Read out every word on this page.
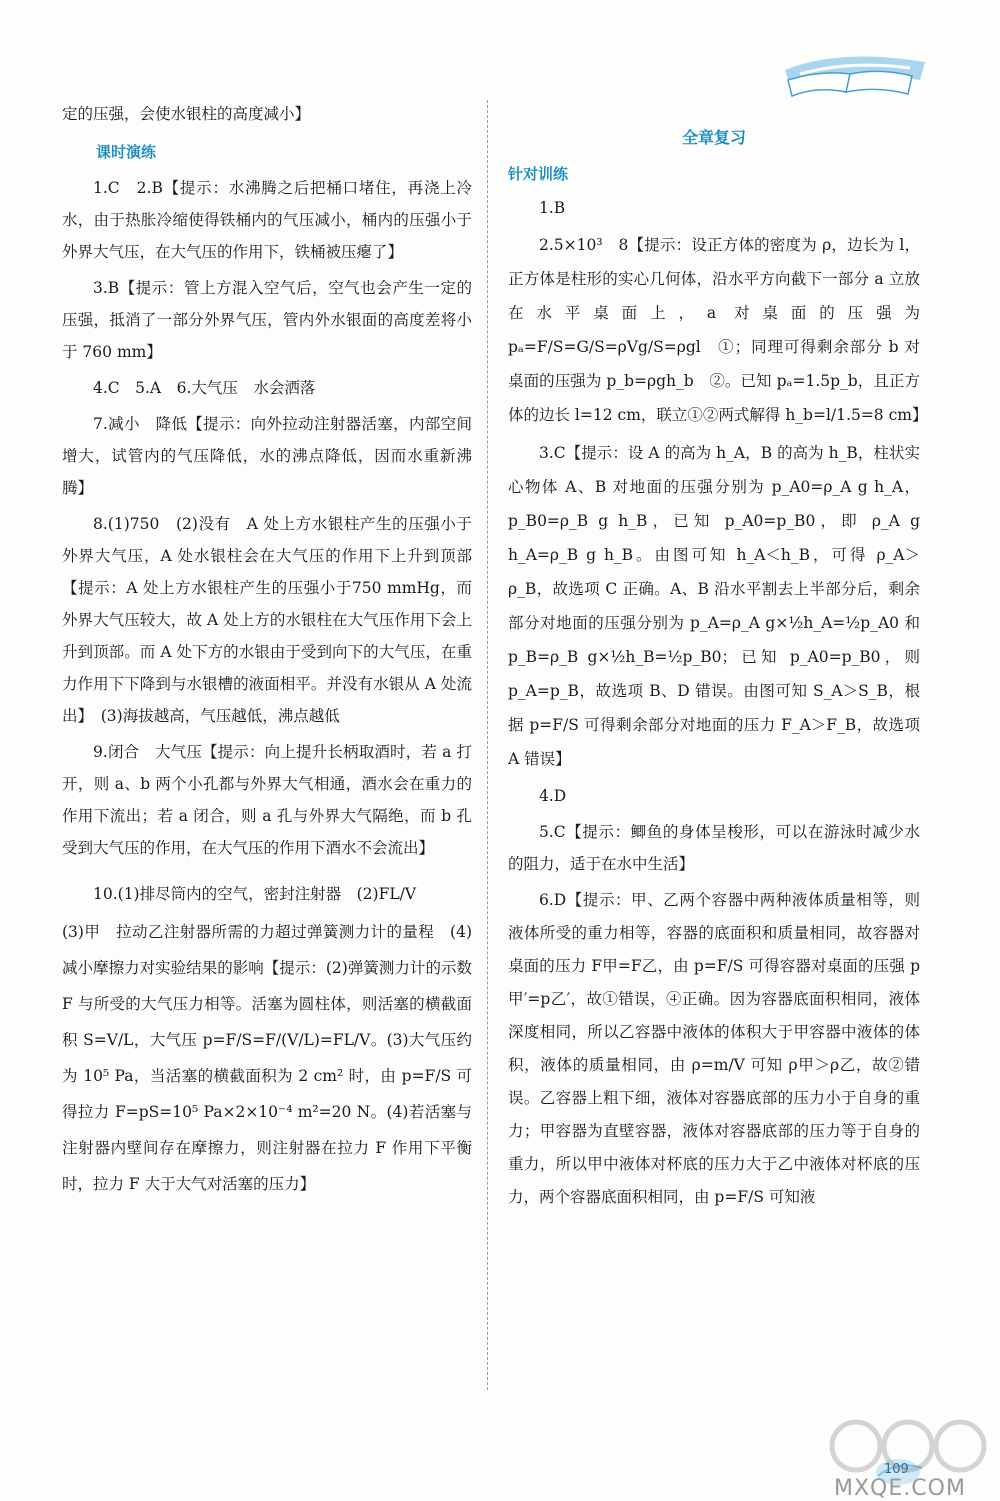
定的压强，会使水银柱的高度减小】

课时演练

1.C　2.B【提示：水沸腾之后把桶口堵住，再浇上冷水，由于热胀冷缩使得铁桶内的气压减小，桶内的压强小于外界大气压，在大气压的作用下，铁桶被压瘪了】

3.B【提示：管上方混入空气后，空气也会产生一定的压强，抵消了一部分外界气压，管内外水银面的高度差将小于 760 mm】

4.C　5.A　6.大气压　水会洒落

7.减小　降低【提示：向外拉动注射器活塞，内部空间增大，试管内的气压降低，水的沸点降低，因而水重新沸腾】

8.(1)750　(2)没有　A 处上方水银柱产生的压强小于外界大气压，A 处水银柱会在大气压的作用下上升到顶部【提示：A 处上方水银柱产生的压强小于750 mmHg，而外界大气压较大，故 A 处上方的水银柱在大气压作用下会上升到顶部。而 A 处下方的水银由于受到向下的大气压，在重力作用下下降到与水银槽的液面相平。并没有水银从 A 处流出】　(3)海拔越高，气压越低，沸点越低

9.闭合　大气压【提示：向上提升长柄取酒时，若 a 打开，则 a、b 两个小孔都与外界大气相通，酒水会在重力的作用下流出；若 a 闭合，则 a 孔与外界大气隔绝，而 b 孔受到大气压的作用，在大气压的作用下酒水不会流出】

10.(1)排尽筒内的空气，密封注射器　(2)FL/V

(3)甲　拉动乙注射器所需的力超过弹簧测力计的量程　(4)减小摩擦力对实验结果的影响【提示：(2)弹簧测力计的示数 F 与所受的大气压力相等。活塞为圆柱体，则活塞的横截面积 S=V/L，大气压 p=F/S=F/(V/L)=FL/V。(3)大气压约为 10⁵ Pa，当活塞的横截面积为 2 cm² 时，由 p=F/S 可得拉力 F=pS=10⁵ Pa×2×10⁻⁴ m²=20 N。(4)若活塞与注射器内壁间存在摩擦力，则注射器在拉力 F 作用下平衡时，拉力 F 大于大气对活塞的压力】

全章复习
针对训练

1.B

2.5×10³　8【提示：设正方体的密度为 ρ，边长为 l，正方体是柱形的实心几何体，沿水平方向截下一部分 a 立放在水平桌面上，a 对桌面的压强为 pₐ=F/S=G/S=ρVg/S=ρgl　①；同理可得剩余部分 b 对桌面的压强为 p_b=ρgh_b　②。已知 pₐ=1.5p_b，且正方体的边长 l=12 cm，联立①②两式解得 h_b=l/1.5=8 cm】

3.C【提示：设 A 的高为 h_A，B 的高为 h_B，柱状实心物体 A、B 对地面的压强分别为 p_A0=ρ_A g h_A，p_B0=ρ_B g h_B，已知 p_A0=p_B0，即 ρ_A g h_A=ρ_B g h_B。由图可知 h_A＜h_B，可得 ρ_A＞ρ_B，故选项 C 正确。A、B 沿水平割去上半部分后，剩余部分对地面的压强分别为 p_A=ρ_A g×½h_A=½p_A0 和 p_B=ρ_B g×½h_B=½p_B0；已知 p_A0=p_B0，则 p_A=p_B，故选项 B、D 错误。由图可知 S_A＞S_B，根据 p=F/S 可得剩余部分对地面的压力 F_A＞F_B，故选项 A 错误】

4.D

5.C【提示：鲫鱼的身体呈梭形，可以在游泳时减少水的阻力，适于在水中生活】

6.D【提示：甲、乙两个容器中两种液体质量相等，则液体所受的重力相等，容器的底面积和质量相同，故容器对桌面的压力 F甲=F乙，由 p=F/S 可得容器对桌面的压强 p甲′=p乙′，故①错误，④正确。因为容器底面积相同，液体深度相同，所以乙容器中液体的体积大于甲容器中液体的体积，液体的质量相同，由 ρ=m/V 可知 ρ甲＞ρ乙，故②错误。乙容器上粗下细，液体对容器底部的压力小于自身的重力；甲容器为直壁容器，液体对容器底部的压力等于自身的重力，所以甲中液体对杯底的压力大于乙中液体对杯底的压力，两个容器底面积相同，由 p=F/S 可知液

109
MXQE.COM
